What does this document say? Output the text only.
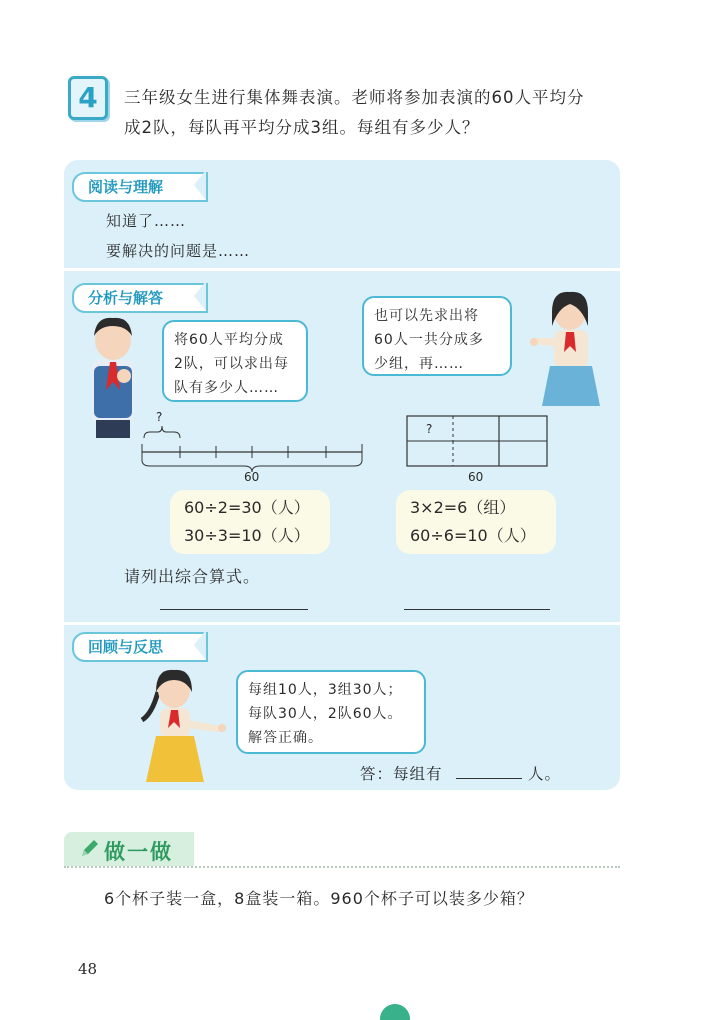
4	三年级女生进行集体舞表演。老师将参加表演的60人平均分
成2队，每队再平均分成3组。每组有多少人？
阅读与理解
知道了……
要解决的问题是……
分析与解答
将60人平均分成
2队，可以求出每
队有多少人……
也可以先求出将
60人一共分成多
少组，再……
?
60
?
60
60÷2=30（人）
30÷3=10（人）
3×2=6（组）
60÷6=10（人）
请列出综合算式。
回顾与反思
每组10人，3组30人；
每队30人，2队60人。
解答正确。
答：每组有	人。
做一做
6个杯子装一盒，8盒装一箱。960个杯子可以装多少箱？
48
